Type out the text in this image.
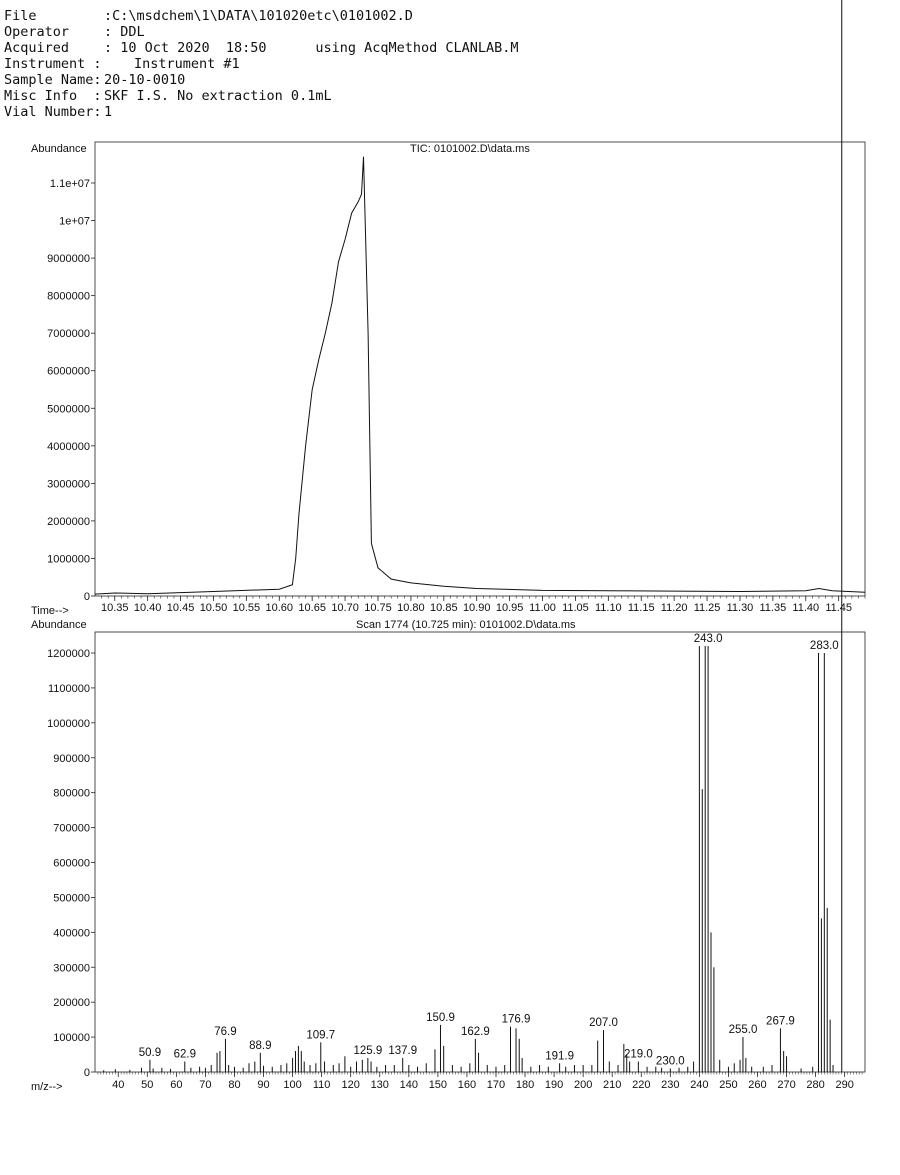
File	:C:\msdchem\1\DATA\101020etc\0101002.D
Operator	: DDL
Acquired	: 10 Oct 2020  18:50      using AcqMethod CLANLAB.M
Instrument : Instrument #1
Sample Name: 20-10-0010
Misc Info  : SKF I.S. No extraction 0.1mL
Vial Number: 1
Abundance	TIC: 0101002.D\data.ms
Time-->
0
1000000
2000000
3000000
4000000
5000000
6000000
7000000
8000000
9000000
1e+07
1.1e+07
10.35 10.40 10.45 10.50 10.55 10.60 10.65 10.70 10.75 10.80 10.85 10.90 10.95 11.00 11.05 11.10 11.15 11.20 11.25 11.30 11.35 11.40 11.45
Abundance	Scan 1774 (10.725 min): 0101002.D\data.ms
m/z-->
0
100000
200000
300000
400000
500000
600000
700000
800000
900000
1000000
1100000
1200000
40 50 60 70 80 90 100 110 120 130 140 150 160 170 180 190 200 210 220 230 240 250 260 270 280 290
50.9 62.9
76.9
88.9
109.7
125.9 137.9
150.9
162.9
176.9
191.9
207.0
219.0
230.0
243.0
255.0
267.9
283.0
